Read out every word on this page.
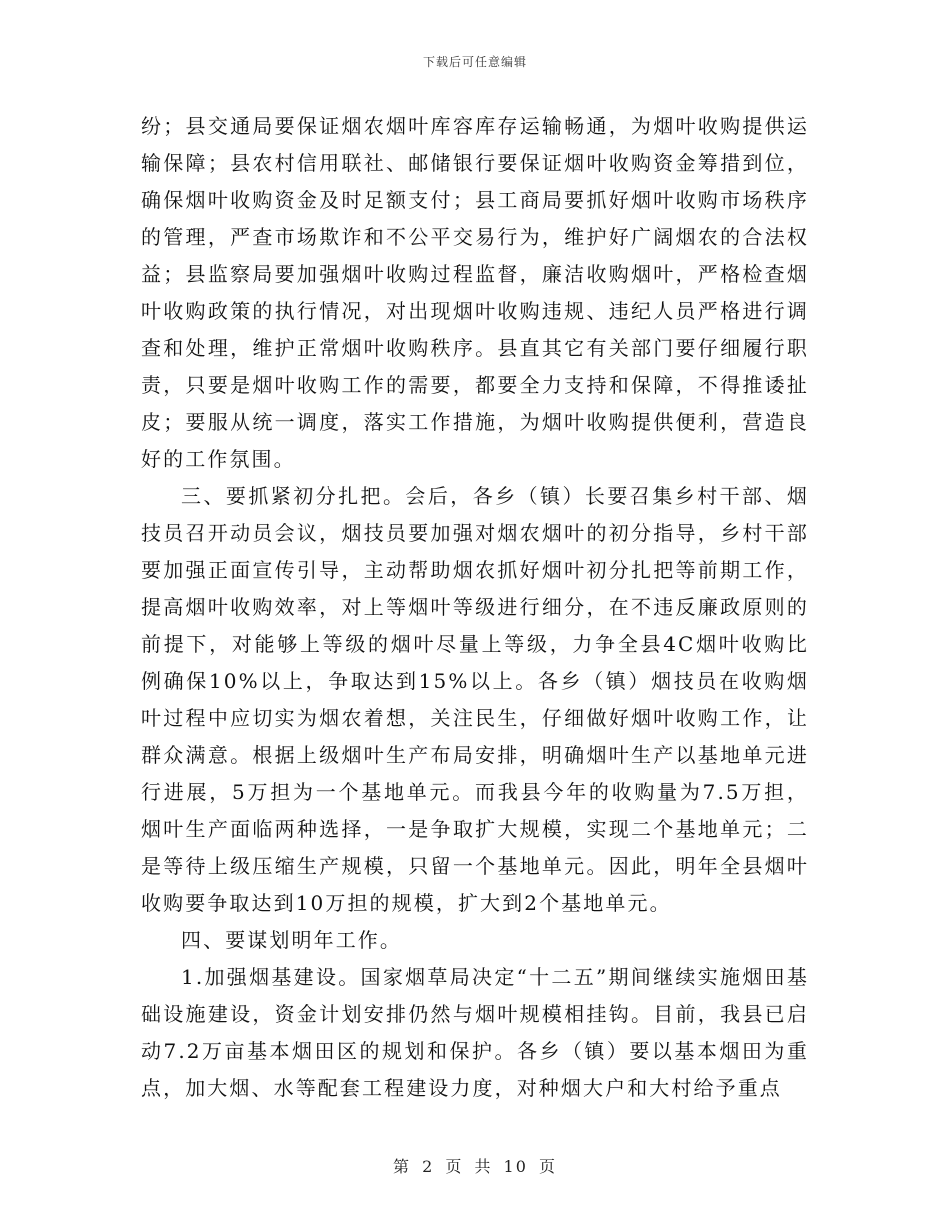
下载后可任意编辑

纷；县交通局要保证烟农烟叶库容库存运输畅通，为烟叶收购提供运输保障；县农村信用联社、邮储银行要保证烟叶收购资金筹措到位，确保烟叶收购资金及时足额支付；县工商局要抓好烟叶收购市场秩序的管理，严查市场欺诈和不公平交易行为，维护好广阔烟农的合法权益；县监察局要加强烟叶收购过程监督，廉洁收购烟叶，严格检查烟叶收购政策的执行情况，对出现烟叶收购违规、违纪人员严格进行调查和处理，维护正常烟叶收购秩序。县直其它有关部门要仔细履行职责，只要是烟叶收购工作的需要，都要全力支持和保障，不得推诿扯皮；要服从统一调度，落实工作措施，为烟叶收购提供便利，营造良好的工作氛围。

三、要抓紧初分扎把。会后，各乡（镇）长要召集乡村干部、烟技员召开动员会议，烟技员要加强对烟农烟叶的初分指导，乡村干部要加强正面宣传引导，主动帮助烟农抓好烟叶初分扎把等前期工作，提高烟叶收购效率，对上等烟叶等级进行细分，在不违反廉政原则的前提下，对能够上等级的烟叶尽量上等级，力争全县4C烟叶收购比例确保10%以上，争取达到15%以上。各乡（镇）烟技员在收购烟叶过程中应切实为烟农着想，关注民生，仔细做好烟叶收购工作，让群众满意。根据上级烟叶生产布局安排，明确烟叶生产以基地单元进行进展，5万担为一个基地单元。而我县今年的收购量为7.5万担，烟叶生产面临两种选择，一是争取扩大规模，实现二个基地单元；二是等待上级压缩生产规模，只留一个基地单元。因此，明年全县烟叶收购要争取达到10万担的规模，扩大到2个基地单元。

四、要谋划明年工作。

1.加强烟基建设。国家烟草局决定“十二五”期间继续实施烟田基础设施建设，资金计划安排仍然与烟叶规模相挂钩。目前，我县已启动7.2万亩基本烟田区的规划和保护。各乡（镇）要以基本烟田为重点，加大烟、水等配套工程建设力度，对种烟大户和大村给予重点

第 2 页 共 10 页
